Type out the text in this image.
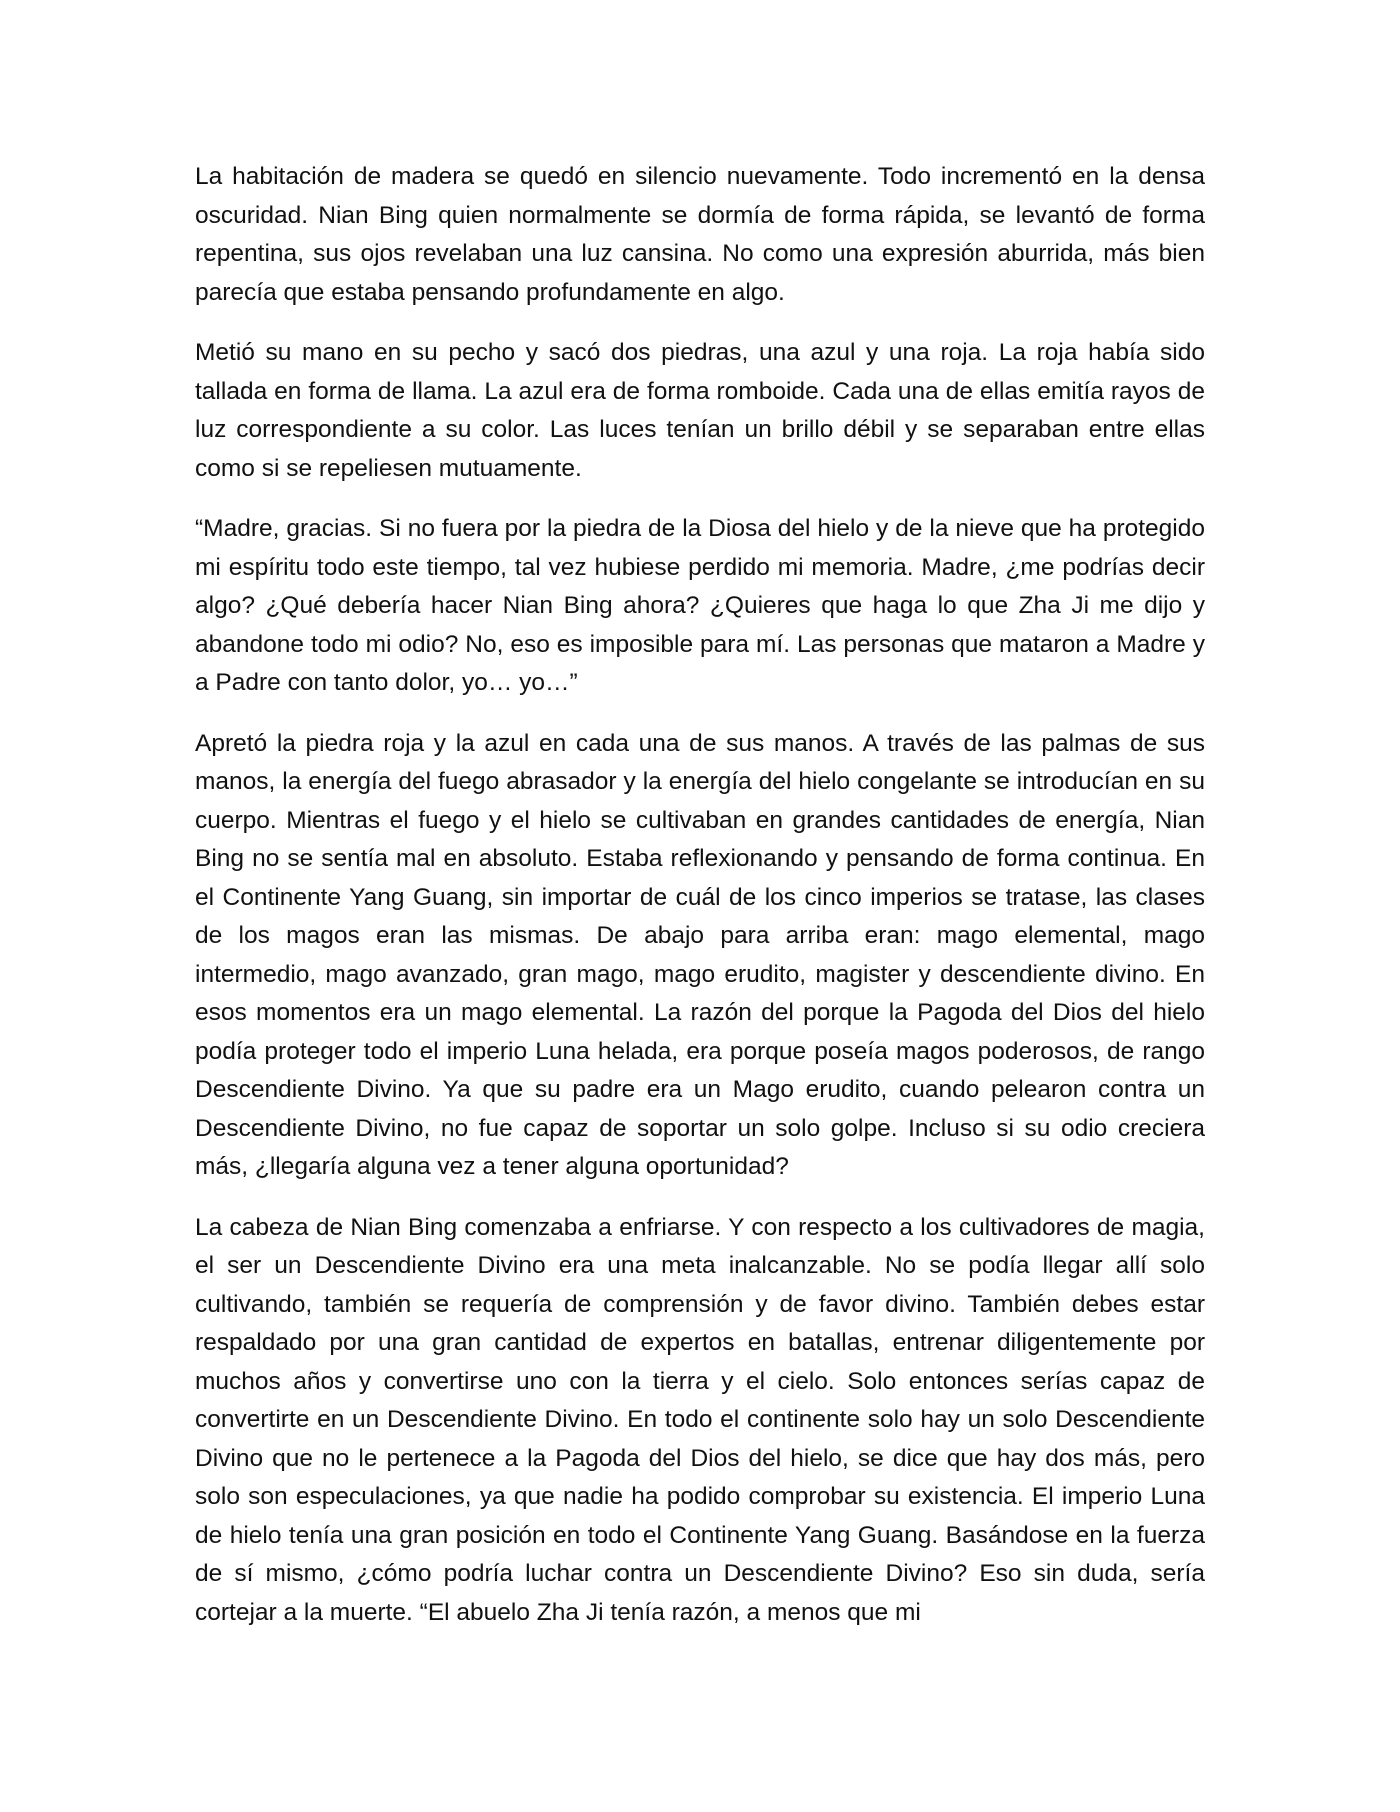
La habitación de madera se quedó en silencio nuevamente. Todo incrementó en la densa oscuridad. Nian Bing quien normalmente se dormía de forma rápida, se levantó de forma repentina, sus ojos revelaban una luz cansina. No como una expresión aburrida, más bien parecía que estaba pensando profundamente en algo.

Metió su mano en su pecho y sacó dos piedras, una azul y una roja. La roja había sido tallada en forma de llama. La azul era de forma romboide. Cada una de ellas emitía rayos de luz correspondiente a su color. Las luces tenían un brillo débil y se separaban entre ellas como si se repeliesen mutuamente.

“Madre, gracias. Si no fuera por la piedra de la Diosa del hielo y de la nieve que ha protegido mi espíritu todo este tiempo, tal vez hubiese perdido mi memoria. Madre, ¿me podrías decir algo? ¿Qué debería hacer Nian Bing ahora? ¿Quieres que haga lo que Zha Ji me dijo y abandone todo mi odio? No, eso es imposible para mí. Las personas que mataron a Madre y a Padre con tanto dolor, yo… yo…”

Apretó la piedra roja y la azul en cada una de sus manos. A través de las palmas de sus manos, la energía del fuego abrasador y la energía del hielo congelante se introducían en su cuerpo. Mientras el fuego y el hielo se cultivaban en grandes cantidades de energía, Nian Bing no se sentía mal en absoluto. Estaba reflexionando y pensando de forma continua. En el Continente Yang Guang, sin importar de cuál de los cinco imperios se tratase, las clases de los magos eran las mismas. De abajo para arriba eran: mago elemental, mago intermedio, mago avanzado, gran mago, mago erudito, magister y descendiente divino. En esos momentos era un mago elemental. La razón del porque la Pagoda del Dios del hielo podía proteger todo el imperio Luna helada, era porque poseía magos poderosos, de rango Descendiente Divino. Ya que su padre era un Mago erudito, cuando pelearon contra un Descendiente Divino, no fue capaz de soportar un solo golpe. Incluso si su odio creciera más, ¿llegaría alguna vez a tener alguna oportunidad?

La cabeza de Nian Bing comenzaba a enfriarse. Y con respecto a los cultivadores de magia, el ser un Descendiente Divino era una meta inalcanzable. No se podía llegar allí solo cultivando, también se requería de comprensión y de favor divino. También debes estar respaldado por una gran cantidad de expertos en batallas, entrenar diligentemente por muchos años y convertirse uno con la tierra y el cielo. Solo entonces serías capaz de convertirte en un Descendiente Divino. En todo el continente solo hay un solo Descendiente Divino que no le pertenece a la Pagoda del Dios del hielo, se dice que hay dos más, pero solo son especulaciones, ya que nadie ha podido comprobar su existencia. El imperio Luna de hielo tenía una gran posición en todo el Continente Yang Guang. Basándose en la fuerza de sí mismo, ¿cómo podría luchar contra un Descendiente Divino? Eso sin duda, sería cortejar a la muerte. “El abuelo Zha Ji tenía razón, a menos que mi
